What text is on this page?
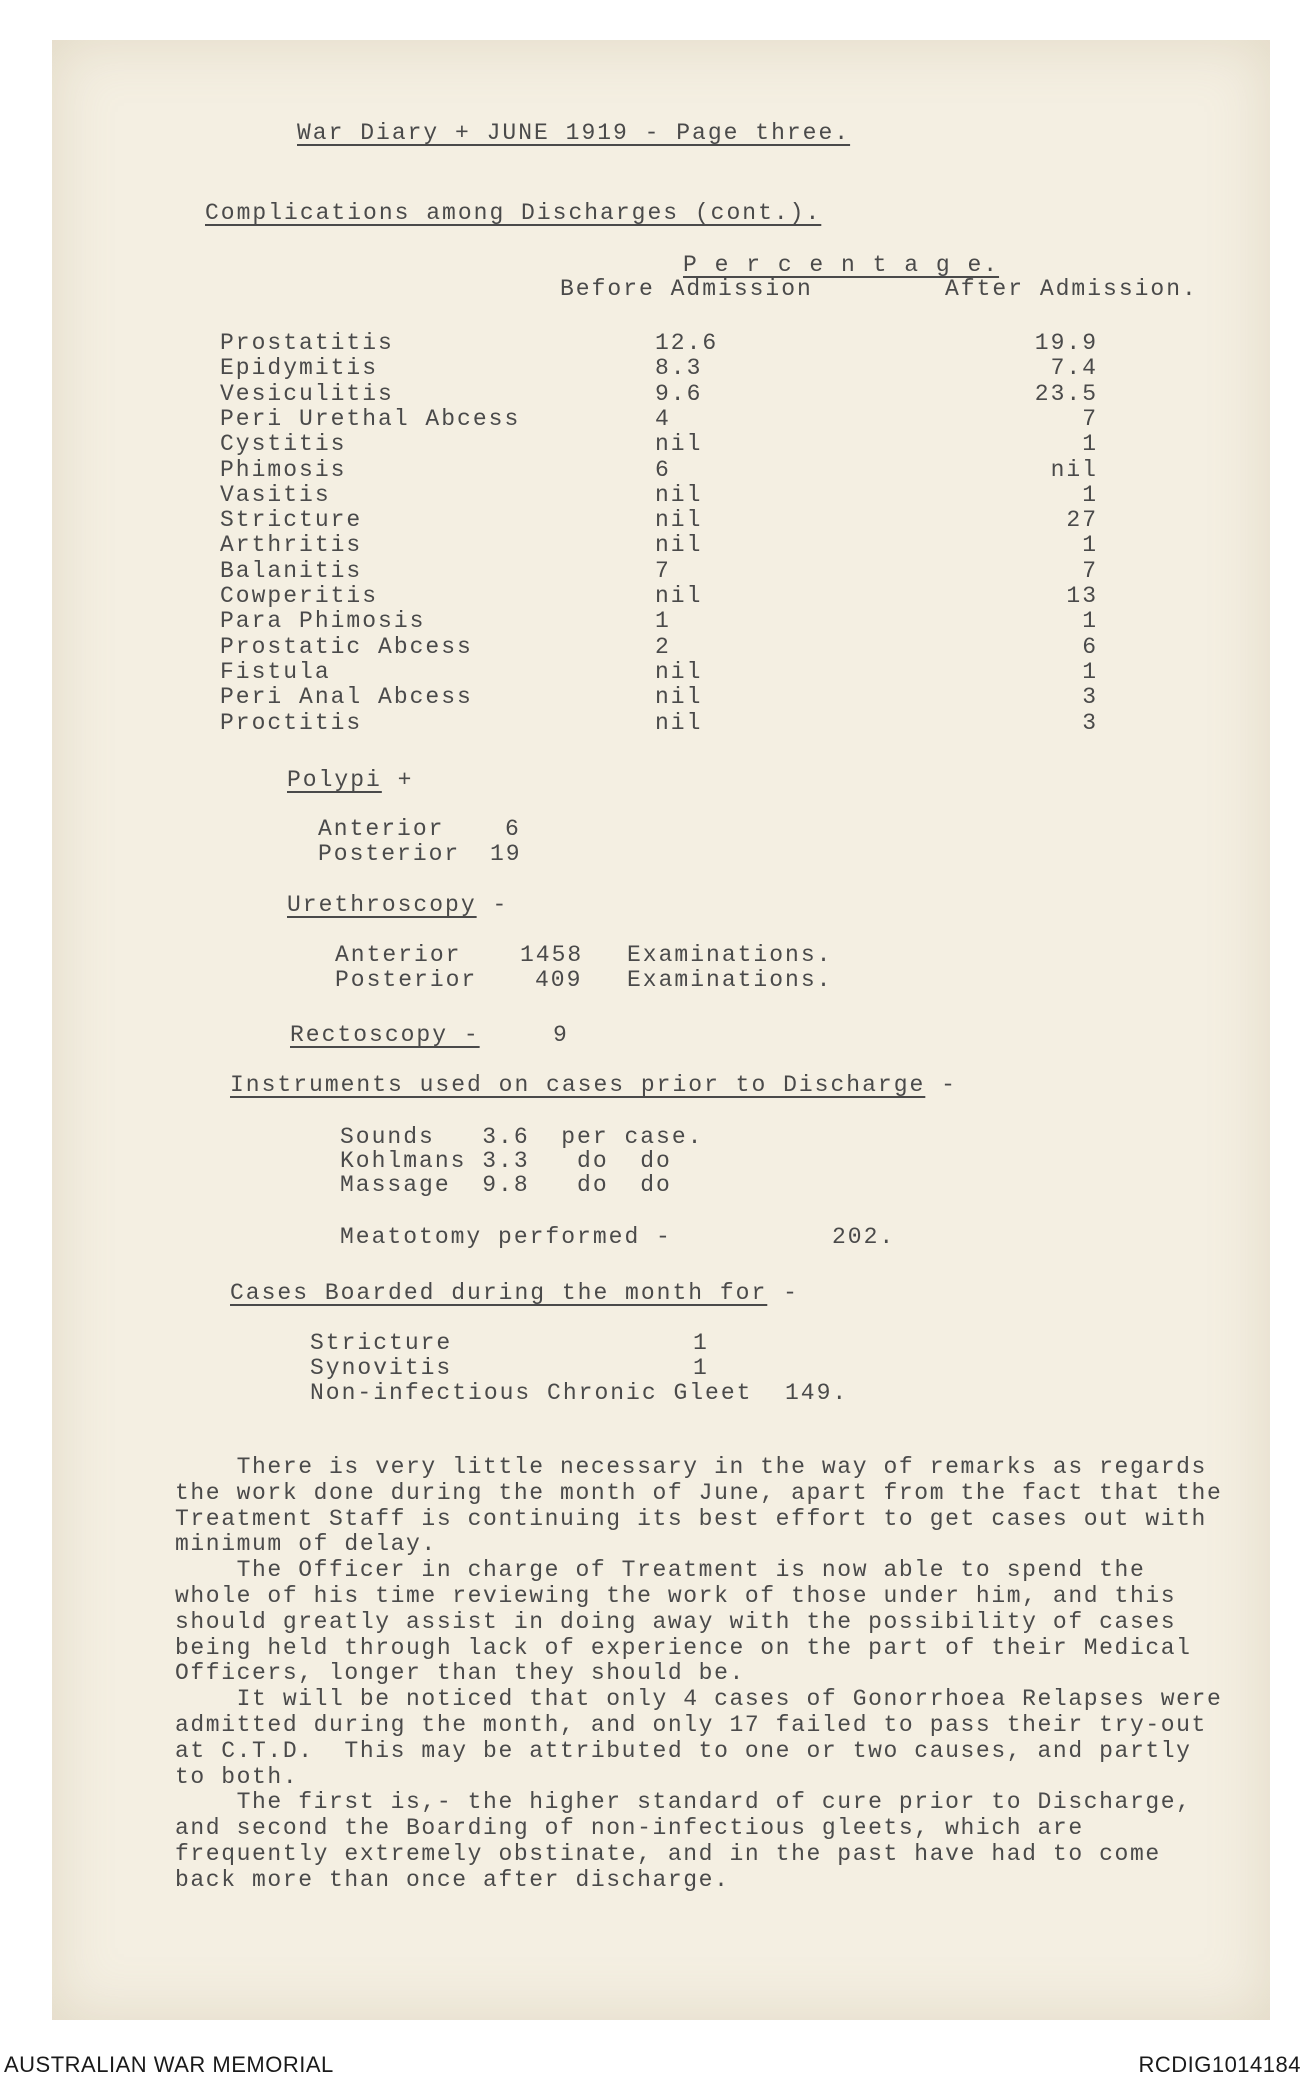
War Diary + JUNE 1919 - Page three.
Complications among Discharges (cont.).
P e r c e n t a g e.
Before Admission	After Admission.
Prostatitis	12.6	19.9
Epidymitis	8.3	7.4
Vesiculitis	9.6	23.5
Peri Urethal Abcess	4	7
Cystitis	nil	1
Phimosis	6	nil
Vasitis	nil	1
Stricture	nil	27
Arthritis	nil	1
Balanitis	7	7
Cowperitis	nil	13
Para Phimosis	1	1
Prostatic Abcess	2	6
Fistula	nil	1
Peri Anal Abcess	nil	3
Proctitis	nil	3
Polypi +
Anterior	6
Posterior 19
Urethroscopy -
Anterior	1458 Examinations.
Posterior	409 Examinations.
Rectoscopy -	9
Instruments used on cases prior to Discharge -
Sounds   3.6  per case.
Kohlmans 3.3   do  do
Massage  9.8   do  do
Meatotomy performed -	202.
Cases Boarded during the month for -
Stricture	1
Synovitis	1
Non-infectious Chronic Gleet 149.
There is very little necessary in the way of remarks as regards
the work done during the month of June, apart from the fact that the
Treatment Staff is continuing its best effort to get cases out with
minimum of delay.
The Officer in charge of Treatment is now able to spend the
whole of his time reviewing the work of those under him, and this
should greatly assist in doing away with the possibility of cases
being held through lack of experience on the part of their Medical
Officers, longer than they should be.
It will be noticed that only 4 cases of Gonorrhoea Relapses were
admitted during the month, and only 17 failed to pass their try-out
at C.T.D.  This may be attributed to one or two causes, and partly
to both.
The first is,- the higher standard of cure prior to Discharge,
and second the Boarding of non-infectious gleets, which are
frequently extremely obstinate, and in the past have had to come
back more than once after discharge.
AUSTRALIAN WAR MEMORIAL	RCDIG1014184
